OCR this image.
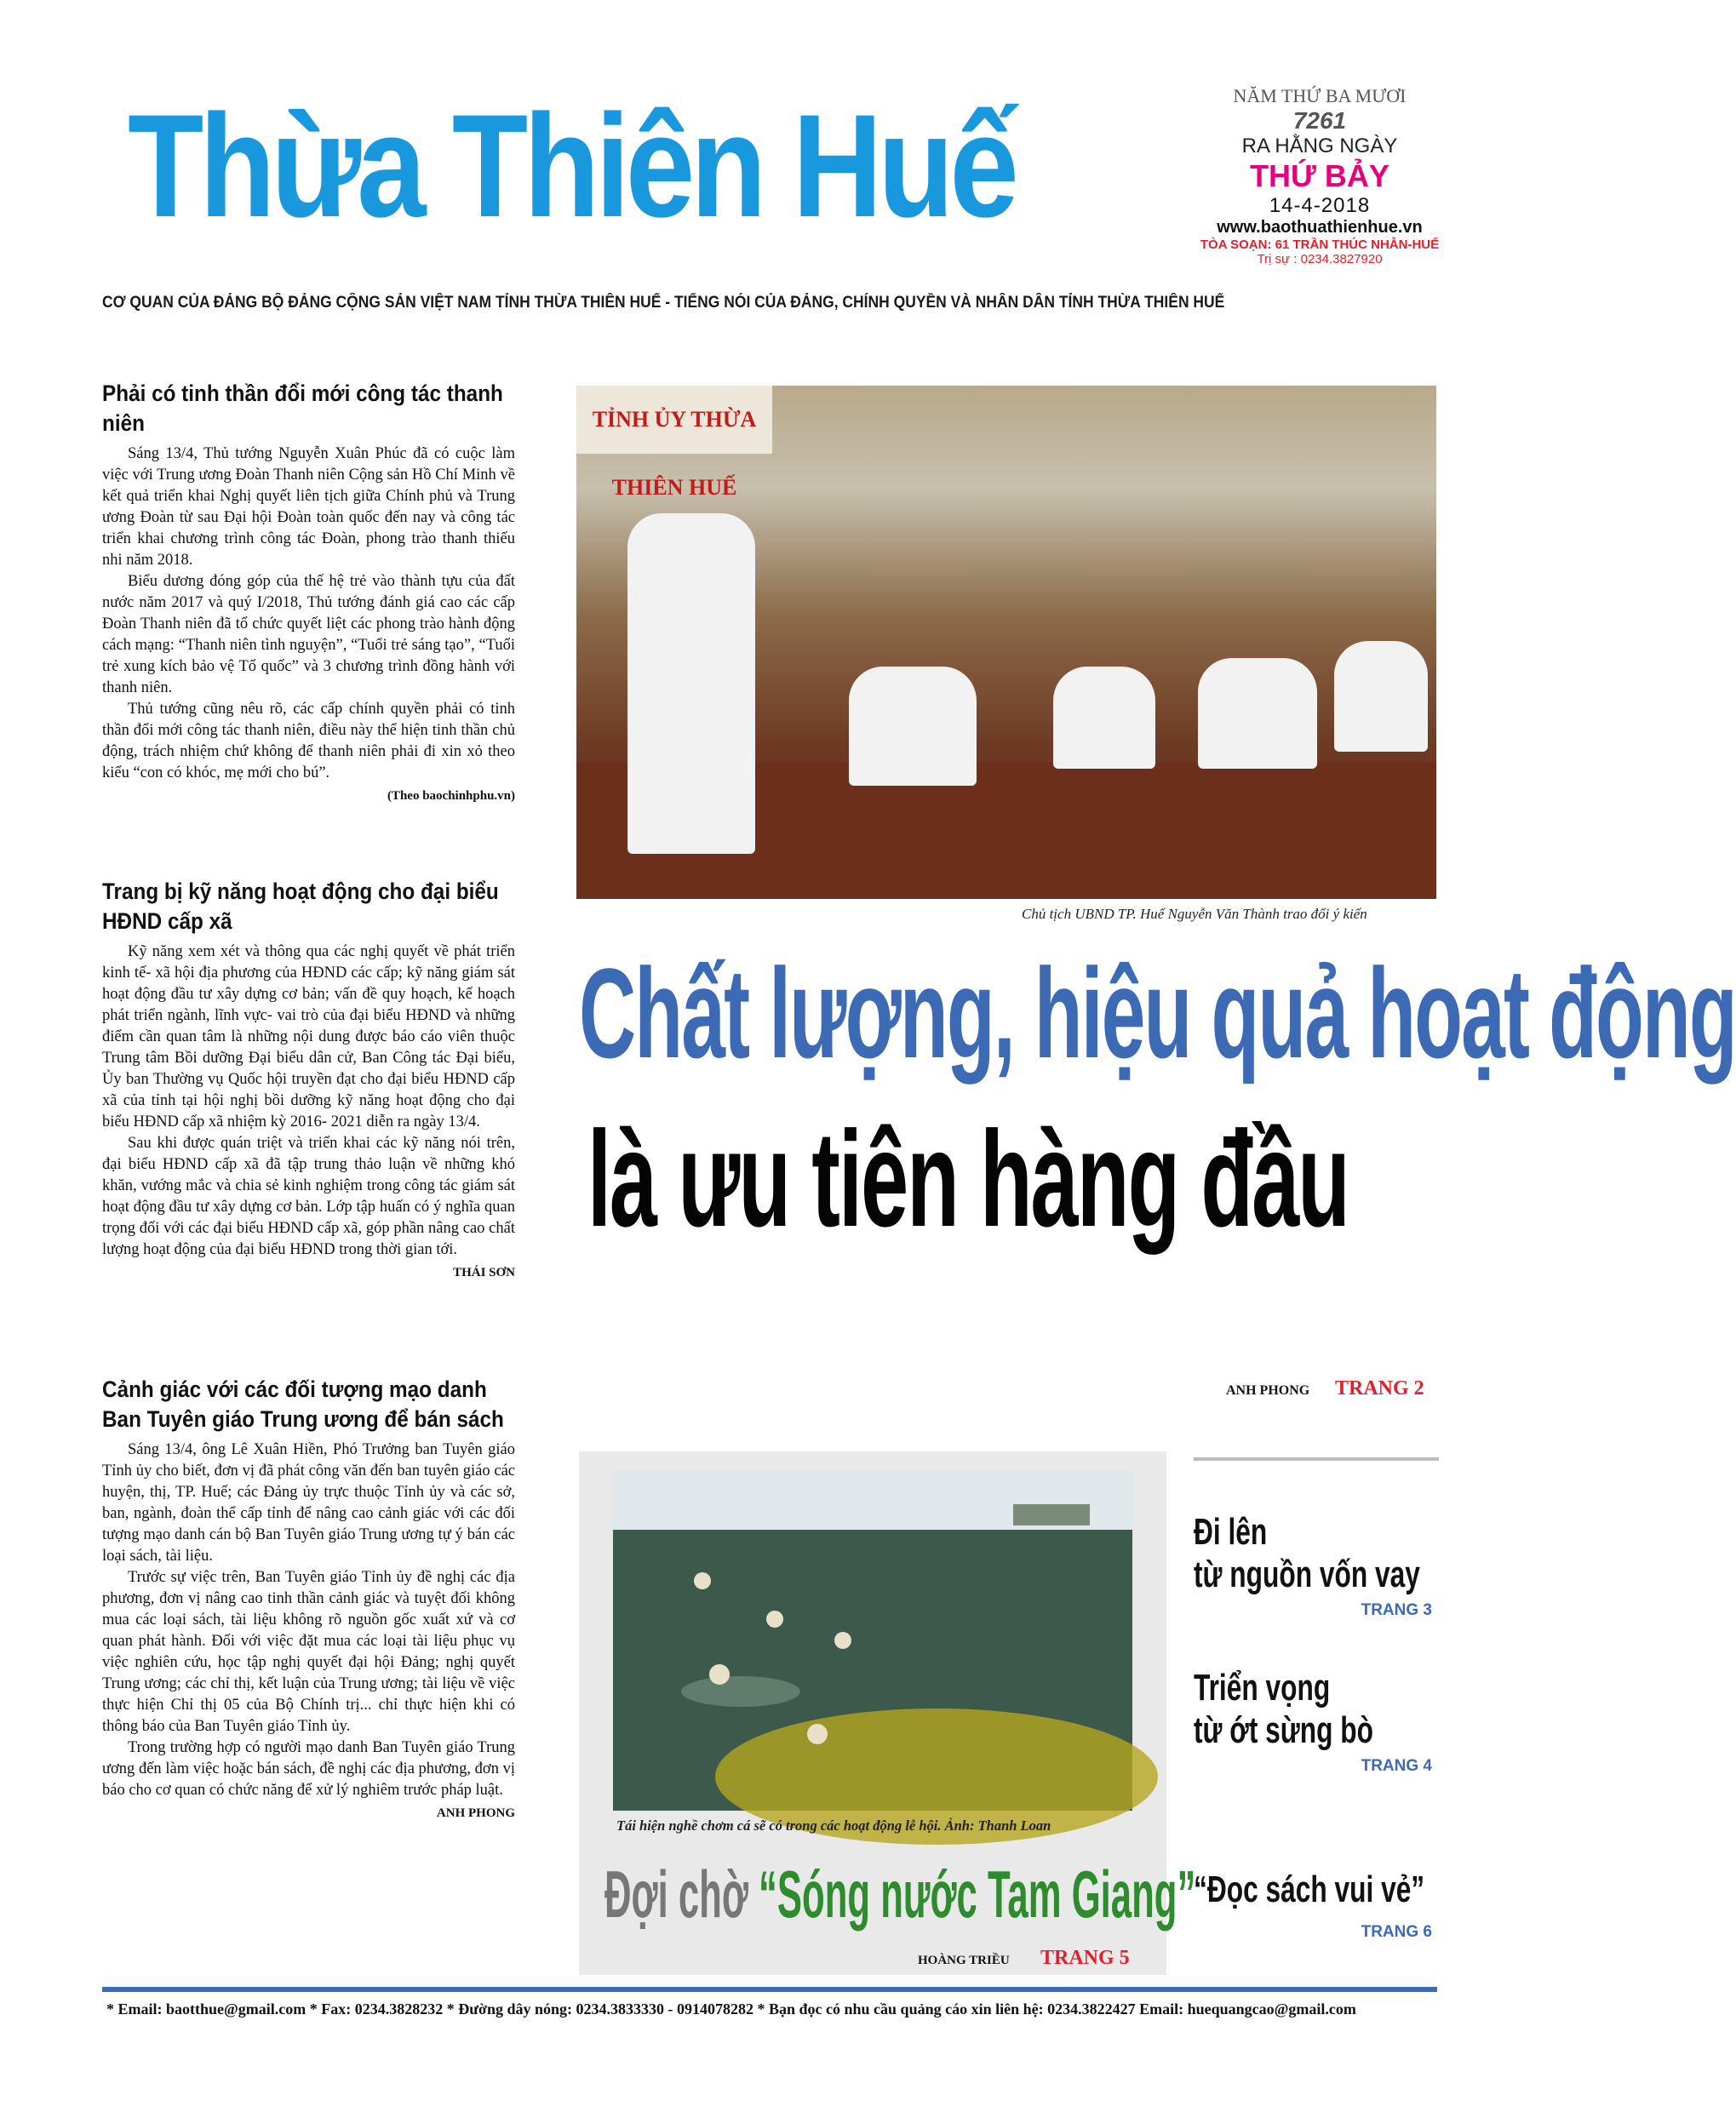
Thừa Thiên Huế
CƠ QUAN CỦA ĐẢNG BỘ ĐẢNG CỘNG SẢN VIỆT NAM TỈNH THỪA THIÊN HUẾ - TIẾNG NÓI CỦA ĐẢNG, CHÍNH QUYỀN VÀ NHÂN DÂN TỈNH THỪA THIÊN HUẾ
NĂM THỨ BA MƯƠI
7261
RA HẰNG NGÀY
THỨ BẢY
14-4-2018
www.baothuathienhue.vn
TÒA SOẠN: 61 TRẦN THÚC NHẪN-HUẾ
Trị sự : 0234.3827920
Phải có tinh thần đổi mới công tác thanh niên

Sáng 13/4, Thủ tướng Nguyễn Xuân Phúc đã có cuộc làm việc với Trung ương Đoàn Thanh niên Cộng sản Hồ Chí Minh về kết quả triển khai Nghị quyết liên tịch giữa Chính phủ và Trung ương Đoàn từ sau Đại hội Đoàn toàn quốc đến nay và công tác triển khai chương trình công tác Đoàn, phong trào thanh thiếu nhi năm 2018.

Biểu dương đóng góp của thế hệ trẻ vào thành tựu của đất nước năm 2017 và quý I/2018, Thủ tướng đánh giá cao các cấp Đoàn Thanh niên đã tổ chức quyết liệt các phong trào hành động cách mạng: “Thanh niên tình nguyện”, “Tuổi trẻ sáng tạo”, “Tuổi trẻ xung kích bảo vệ Tổ quốc” và 3 chương trình đồng hành với thanh niên.

Thủ tướng cũng nêu rõ, các cấp chính quyền phải có tinh thần đổi mới công tác thanh niên, điều này thể hiện tinh thần chủ động, trách nhiệm chứ không để thanh niên phải đi xin xỏ theo kiểu “con có khóc, mẹ mới cho bú”.

(Theo baochinhphu.vn)
Trang bị kỹ năng hoạt động cho đại biểu HĐND cấp xã

Kỹ năng xem xét và thông qua các nghị quyết về phát triển kinh tế- xã hội địa phương của HĐND các cấp; kỹ năng giám sát hoạt động đầu tư xây dựng cơ bản; vấn đề quy hoạch, kế hoạch phát triển ngành, lĩnh vực- vai trò của đại biểu HĐND và những điểm cần quan tâm là những nội dung được báo cáo viên thuộc Trung tâm Bồi dưỡng Đại biểu dân cử, Ban Công tác Đại biểu, Ủy ban Thường vụ Quốc hội truyền đạt cho đại biểu HĐND cấp xã của tỉnh tại hội nghị bồi dưỡng kỹ năng hoạt động cho đại biểu HĐND cấp xã nhiệm kỳ 2016- 2021 diễn ra ngày 13/4.

Sau khi được quán triệt và triển khai các kỹ năng nói trên, đại biểu HĐND cấp xã đã tập trung thảo luận về những khó khăn, vướng mắc và chia sẻ kinh nghiệm trong công tác giám sát hoạt động đầu tư xây dựng cơ bản. Lớp tập huấn có ý nghĩa quan trọng đối với các đại biểu HĐND cấp xã, góp phần nâng cao chất lượng hoạt động của đại biểu HĐND trong thời gian tới.

THÁI SƠN
Cảnh giác với các đối tượng mạo danh Ban Tuyên giáo Trung ương để bán sách

Sáng 13/4, ông Lê Xuân Hiền, Phó Trưởng ban Tuyên giáo Tỉnh ủy cho biết, đơn vị đã phát công văn đến ban tuyên giáo các huyện, thị, TP. Huế; các Đảng ủy trực thuộc Tỉnh ủy và các sở, ban, ngành, đoàn thể cấp tỉnh để nâng cao cảnh giác với các đối tượng mạo danh cán bộ Ban Tuyên giáo Trung ương tự ý bán các loại sách, tài liệu.

Trước sự việc trên, Ban Tuyên giáo Tỉnh ủy đề nghị các địa phương, đơn vị nâng cao tinh thần cảnh giác và tuyệt đối không mua các loại sách, tài liệu không rõ nguồn gốc xuất xứ và cơ quan phát hành. Đối với việc đặt mua các loại tài liệu phục vụ việc nghiên cứu, học tập nghị quyết đại hội Đảng; nghị quyết Trung ương; các chỉ thị, kết luận của Trung ương; tài liệu về việc thực hiện Chỉ thị 05 của Bộ Chính trị... chỉ thực hiện khi có thông báo của Ban Tuyên giáo Tỉnh ủy.

Trong trường hợp có người mạo danh Ban Tuyên giáo Trung ương đến làm việc hoặc bán sách, đề nghị các địa phương, đơn vị báo cho cơ quan có chức năng để xử lý nghiêm trước pháp luật.

ANH PHONG
TỈNH ỦY THỪA THIÊN HUẾ
Chủ tịch UBND TP. Huế Nguyễn Văn Thành trao đổi ý kiến
Chất lượng, hiệu quả hoạt động
là ưu tiên hàng đầu
ANH PHONG TRANG 2
Tái hiện nghề chơm cá sẽ có trong các hoạt động lễ hội. Ảnh: Thanh Loan
Đợi chờ “Sóng nước Tam Giang”
HOÀNG TRIỀU TRANG 5
Đi lên
từ nguồn vốn vay
TRANG 3
Triển vọng
từ ớt sừng bò
TRANG 4
“Đọc sách vui vẻ”
TRANG 6
* Email: baotthue@gmail.com * Fax: 0234.3828232 * Đường dây nóng: 0234.3833330 - 0914078282 * Bạn đọc có nhu cầu quảng cáo xin liên hệ: 0234.3822427 Email: huequangcao@gmail.com
